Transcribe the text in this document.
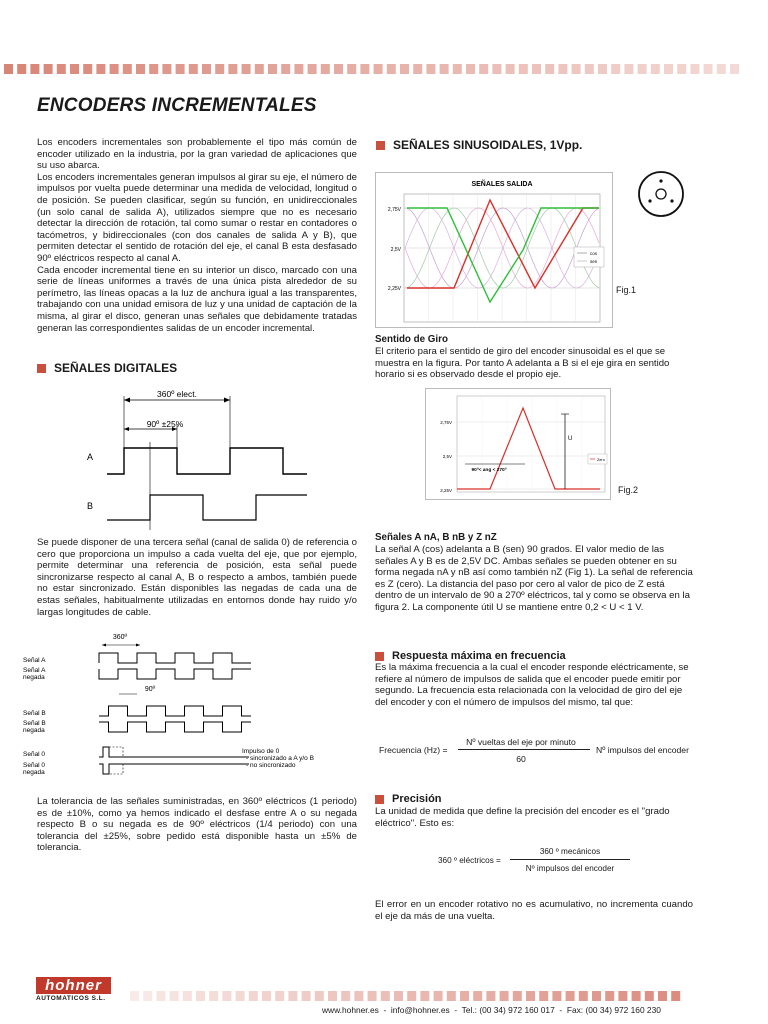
ENCODERS INCREMENTALES

Los encoders incrementales son probablemente el tipo más común de encoder utilizado en la industria, por la gran variedad de aplicaciones que su uso abarca.

Los encoders incrementales generan impulsos al girar su eje, el número de impulsos por vuelta puede determinar una medida de velocidad, longitud o de posición. Se pueden clasificar, según su función, en unidireccionales (un solo canal de salida A), utilizados siempre que no es necesario detectar la dirección de rotación, tal como sumar o restar en contadores o tacómetros, y bidireccionales (con dos canales de salida A y B), que permiten detectar el sentido de rotación del eje, el canal B esta desfasado 90º eléctricos respecto al canal A.

Cada encoder incremental tiene en su interior un disco, marcado con una serie de líneas uniformes a través de una única pista alrededor de su perímetro, las líneas opacas a la luz de anchura igual a las transparentes, trabajando con una unidad emisora de luz y una unidad de captación de la misma, al girar el disco, generan unas señales que debidamente tratadas generan las correspondientes salidas de un encoder incremental.

SEÑALES DIGITALES
360º elect.
90º ±25%
A
B
Se puede disponer de una tercera señal (canal de salida 0) de referencia o cero que proporciona un impulso a cada vuelta del eje, que por ejemplo, permite determinar una referencia de posición, esta señal puede sincronizarse respecto al canal A, B o respecto a ambos, también puede no estar sincronizado. Están disponibles las negadas de cada una de estas señales, habitualmente utilizadas en entornos donde hay ruido y/o largas longitudes de cable.
360º
90º
Señal A
Señal A
negada
Señal B
Señal B
negada
Señal 0
Señal 0
negada
Impulso de 0
- sincronizado a A y/o B
- no sincronizado
La tolerancia de las señales suministradas, en 360º eléctricos (1 periodo) es de ±10%, como ya hemos indicado el desfase entre A o su negada respecto B o su negada es de 90º eléctricos (1/4 periodo) con una tolerancia del ±25%, sobre pedido está disponible hasta un ±5% de tolerancia.
SEÑALES SINUSOIDALES, 1Vpp.
SEÑALES SALIDA
2,75V
2,5V
2,25V
cos
sen
Fig.1
Sentido de Giro
El criterio para el sentido de giro del encoder sinusoidal es el que se muestra en la figura. Por tanto A adelanta a B si el eje gira en sentido horario si es observado desde el propio eje.
2,75V
2,5V
2,25V
U
90º< ang < 270º
Zero
Fig.2
Señales A nA, B nB y Z nZ
La señal A (cos) adelanta a B (sen) 90 grados. El valor medio de las señales A y B es de 2,5V DC. Ambas señales se pueden obtener en su forma negada nA y nB así como también nZ (Fig 1). La señal de referencia es Z (cero). La distancia del paso por cero al valor de pico de Z está dentro de un intervalo de 90 a 270º eléctricos, tal y como se observa en la figura 2. La componente útil U se mantiene entre 0,2 < U < 1 V.
Respuesta máxima en frecuencia
Es la máxima frecuencia a la cual el encoder responde eléctricamente, se refiere al número de impulsos de salida que el encoder puede emitir por segundo. La frecuencia esta relacionada con la velocidad de giro del eje del encoder y con el número de impulsos del mismo, tal que:
Frecuencia (Hz) =
Nº vueltas del eje por minuto
60
Nº impulsos del encoder
Precisión
La unidad de medida que define la precisión del encoder es el "grado eléctrico". Esto es:
360 º eléctricos =
360 º mecánicos
Nº impulsos del encoder
El error en un encoder rotativo no es acumulativo, no incrementa cuando el eje da más de una vuelta.
hohner
AUTOMATICOS S.L.
www.hohner.es  -  info@hohner.es  -  Tel.: (00 34) 972 160 017  -  Fax: (00 34) 972 160 230
